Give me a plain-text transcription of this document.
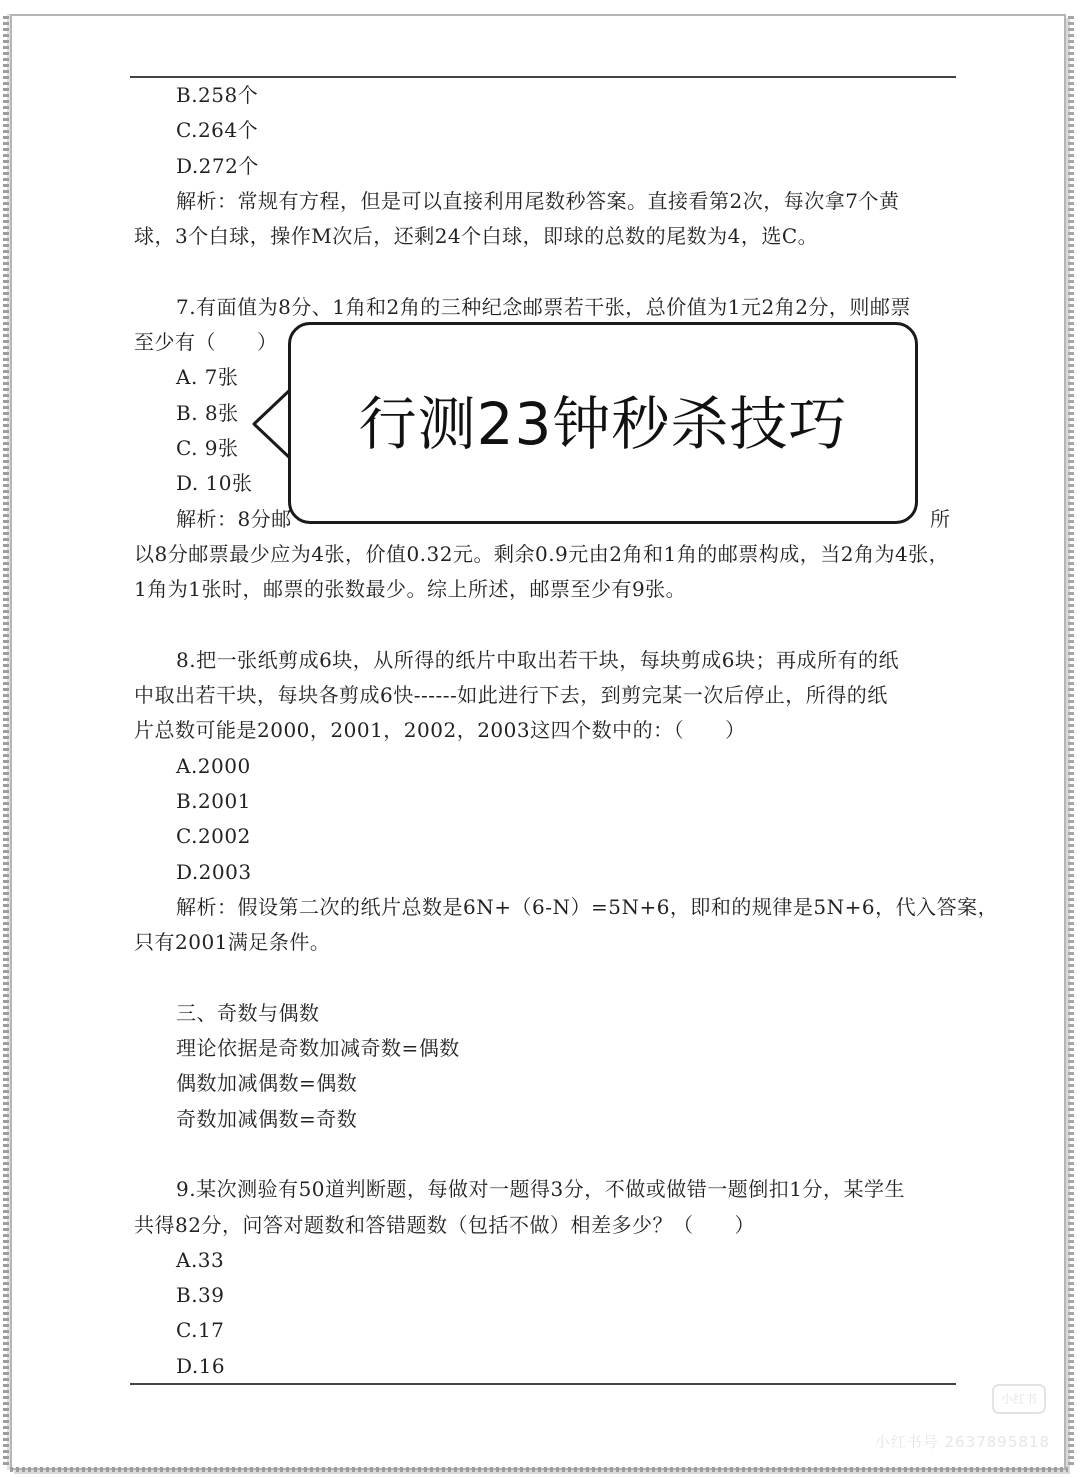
B.258个
C.264个
D.272个
解析：常规有方程，但是可以直接利用尾数秒答案。直接看第2次，每次拿7个黄
球，3个白球，操作M次后，还剩24个白球，即球的总数的尾数为4，选C。
7.有面值为8分、1角和2角的三种纪念邮票若干张，总价值为1元2角2分，则邮票
至少有（　　）
A. 7张
B. 8张
C. 9张
D. 10张
解析：8分邮	所
以8分邮票最少应为4张，价值0.32元。剩余0.9元由2角和1角的邮票构成，当2角为4张，
1角为1张时，邮票的张数最少。综上所述，邮票至少有9张。
8.把一张纸剪成6块，从所得的纸片中取出若干块，每块剪成6块；再成所有的纸
中取出若干块，每块各剪成6快------如此进行下去，到剪完某一次后停止，所得的纸
片总数可能是2000，2001，2002，2003这四个数中的：（　　）
A.2000
B.2001
C.2002
D.2003
解析：假设第二次的纸片总数是6N+（6-N）=5N+6，即和的规律是5N+6，代入答案，
只有2001满足条件。
三、奇数与偶数
理论依据是奇数加减奇数=偶数
偶数加减偶数=偶数
奇数加减偶数=奇数
9.某次测验有50道判断题，每做对一题得3分，不做或做错一题倒扣1分，某学生
共得82分，问答对题数和答错题数（包括不做）相差多少？（　　）
A.33
B.39
C.17
D.16
行测23钟秒杀技巧
小红书
小红书号 2637895818
